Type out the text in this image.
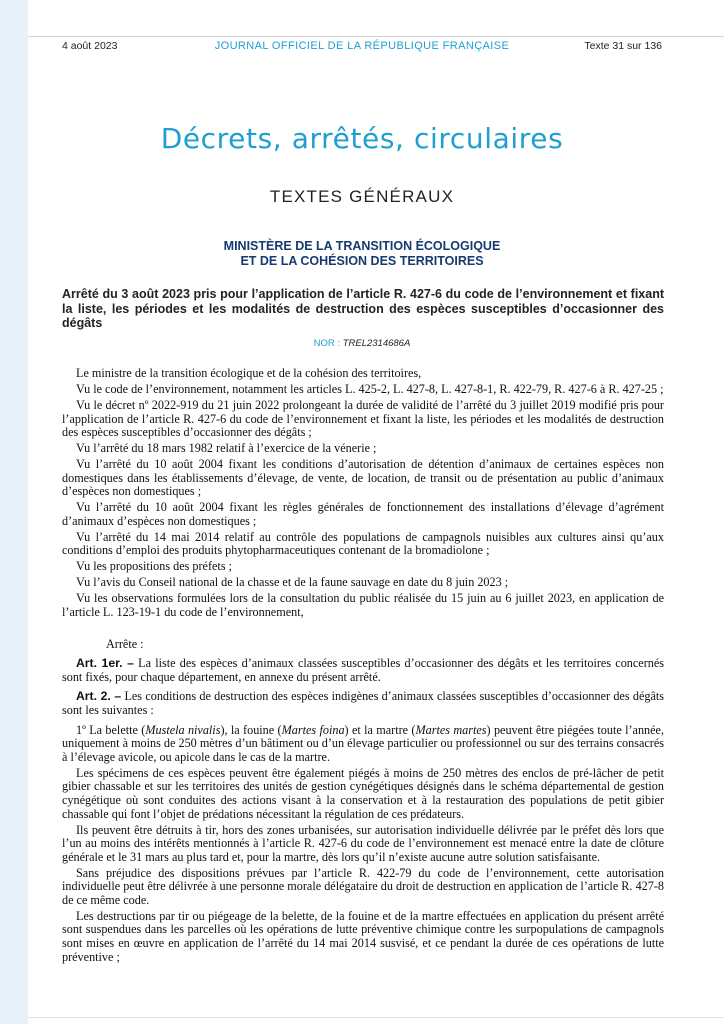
4 août 2023	JOURNAL OFFICIEL DE LA RÉPUBLIQUE FRANÇAISE	Texte 31 sur 136
Décrets, arrêtés, circulaires
TEXTES GÉNÉRAUX
MINISTÈRE DE LA TRANSITION ÉCOLOGIQUE
ET DE LA COHÉSION DES TERRITOIRES
Arrêté du 3 août 2023 pris pour l’application de l’article R. 427-6 du code de l’environnement et fixant la liste, les périodes et les modalités de destruction des espèces susceptibles d’occasionner des dégâts
NOR : TREL2314686A

Le ministre de la transition écologique et de la cohésion des territoires,

Vu le code de l’environnement, notamment les articles L. 425-2, L. 427-8, L. 427-8-1, R. 422-79, R. 427-6 à R. 427-25 ;

Vu le décret nº 2022-919 du 21 juin 2022 prolongeant la durée de validité de l’arrêté du 3 juillet 2019 modifié pris pour l’application de l’article R. 427-6 du code de l’environnement et fixant la liste, les périodes et les modalités de destruction des espèces susceptibles d’occasionner des dégâts ;

Vu l’arrêté du 18 mars 1982 relatif à l’exercice de la vénerie ;

Vu l’arrêté du 10 août 2004 fixant les conditions d’autorisation de détention d’animaux de certaines espèces non domestiques dans les établissements d’élevage, de vente, de location, de transit ou de présentation au public d’animaux d’espèces non domestiques ;

Vu l’arrêté du 10 août 2004 fixant les règles générales de fonctionnement des installations d’élevage d’agrément d’animaux d’espèces non domestiques ;

Vu l’arrêté du 14 mai 2014 relatif au contrôle des populations de campagnols nuisibles aux cultures ainsi qu’aux conditions d’emploi des produits phytopharmaceutiques contenant de la bromadiolone ;

Vu les propositions des préfets ;

Vu l’avis du Conseil national de la chasse et de la faune sauvage en date du 8 juin 2023 ;

Vu les observations formulées lors de la consultation du public réalisée du 15 juin au 6 juillet 2023, en application de l’article L. 123-19-1 du code de l’environnement,

Arrête :

Art. 1er. – La liste des espèces d’animaux classées susceptibles d’occasionner des dégâts et les territoires concernés sont fixés, pour chaque département, en annexe du présent arrêté.

Art. 2. – Les conditions de destruction des espèces indigènes d’animaux classées susceptibles d’occasionner des dégâts sont les suivantes :

1º La belette (Mustela nivalis), la fouine (Martes foina) et la martre (Martes martes) peuvent être piégées toute l’année, uniquement à moins de 250 mètres d’un bâtiment ou d’un élevage particulier ou professionnel ou sur des terrains consacrés à l’élevage avicole, ou apicole dans le cas de la martre.

Les spécimens de ces espèces peuvent être également piégés à moins de 250 mètres des enclos de pré-lâcher de petit gibier chassable et sur les territoires des unités de gestion cynégétiques désignés dans le schéma départemental de gestion cynégétique où sont conduites des actions visant à la conservation et à la restauration des populations de petit gibier chassable qui font l’objet de prédations nécessitant la régulation de ces prédateurs.

Ils peuvent être détruits à tir, hors des zones urbanisées, sur autorisation individuelle délivrée par le préfet dès lors que l’un au moins des intérêts mentionnés à l’article R. 427-6 du code de l’environnement est menacé entre la date de clôture générale et le 31 mars au plus tard et, pour la martre, dès lors qu’il n’existe aucune autre solution satisfaisante.

Sans préjudice des dispositions prévues par l’article R. 422-79 du code de l’environnement, cette autorisation individuelle peut être délivrée à une personne morale délégataire du droit de destruction en application de l’article R. 427-8 de ce même code.

Les destructions par tir ou piégeage de la belette, de la fouine et de la martre effectuées en application du présent arrêté sont suspendues dans les parcelles où les opérations de lutte préventive chimique contre les surpopulations de campagnols sont mises en œuvre en application de l’arrêté du 14 mai 2014 susvisé, et ce pendant la durée de ces opérations de lutte préventive ;
